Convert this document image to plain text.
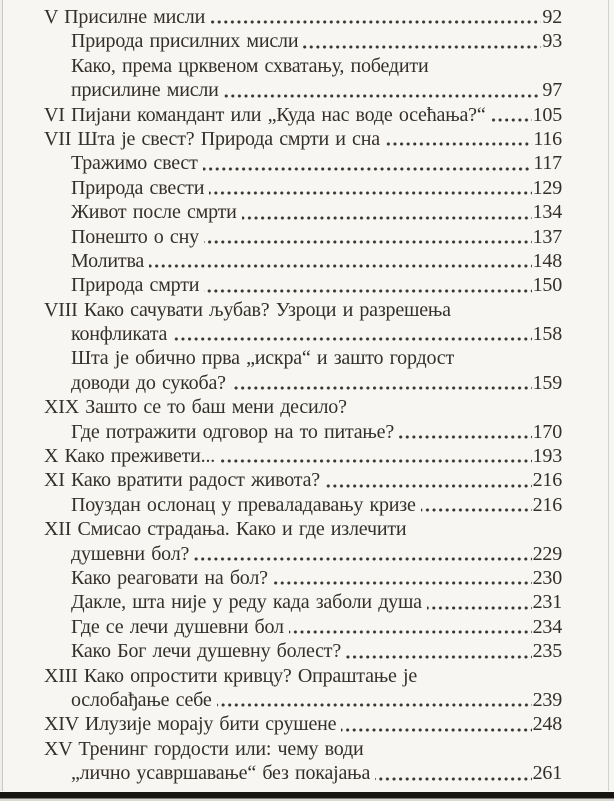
V Присилне мисли	92
Природа присилних мисли	93
Како, према црквеном схватању, победити
присилине мисли	97
VI Пијани командант или „Куда нас воде осећања?“ 105
VII Шта је свест? Природа смрти и сна	116
Тражимо свест	117
Природа свести	129
Живот после смрти	134
Понешто о сну	137
Молитва	148
Природа смрти	150
VIII Како сачувати љубав? Узроци и разрешења
конфликата	158
Шта је обично прва „искра“ и зашто гордост
доводи до сукоба?	159
XIX Зашто се то баш мени десило?
Где потражити одговор на то питање?	170
X Како преживети...	193
XI Како вратити радост живота?	216
Поуздан ослонац у преваладавању кризе	216
XII Смисао страдања. Како и где излечити
душевни бол?	229
Како реаговати на бол?	230
Дакле, шта није у реду када заболи душа	231
Где се лечи душевни бол	234
Како Бог лечи душевну болест?	235
XIII Како опростити кривцу? Опраштање је
ослобађање себе	239
XIV Илузије морају бити срушене	248
XV Тренинг гордости или: чему води
„лично усавршавање“ без покајања	261
